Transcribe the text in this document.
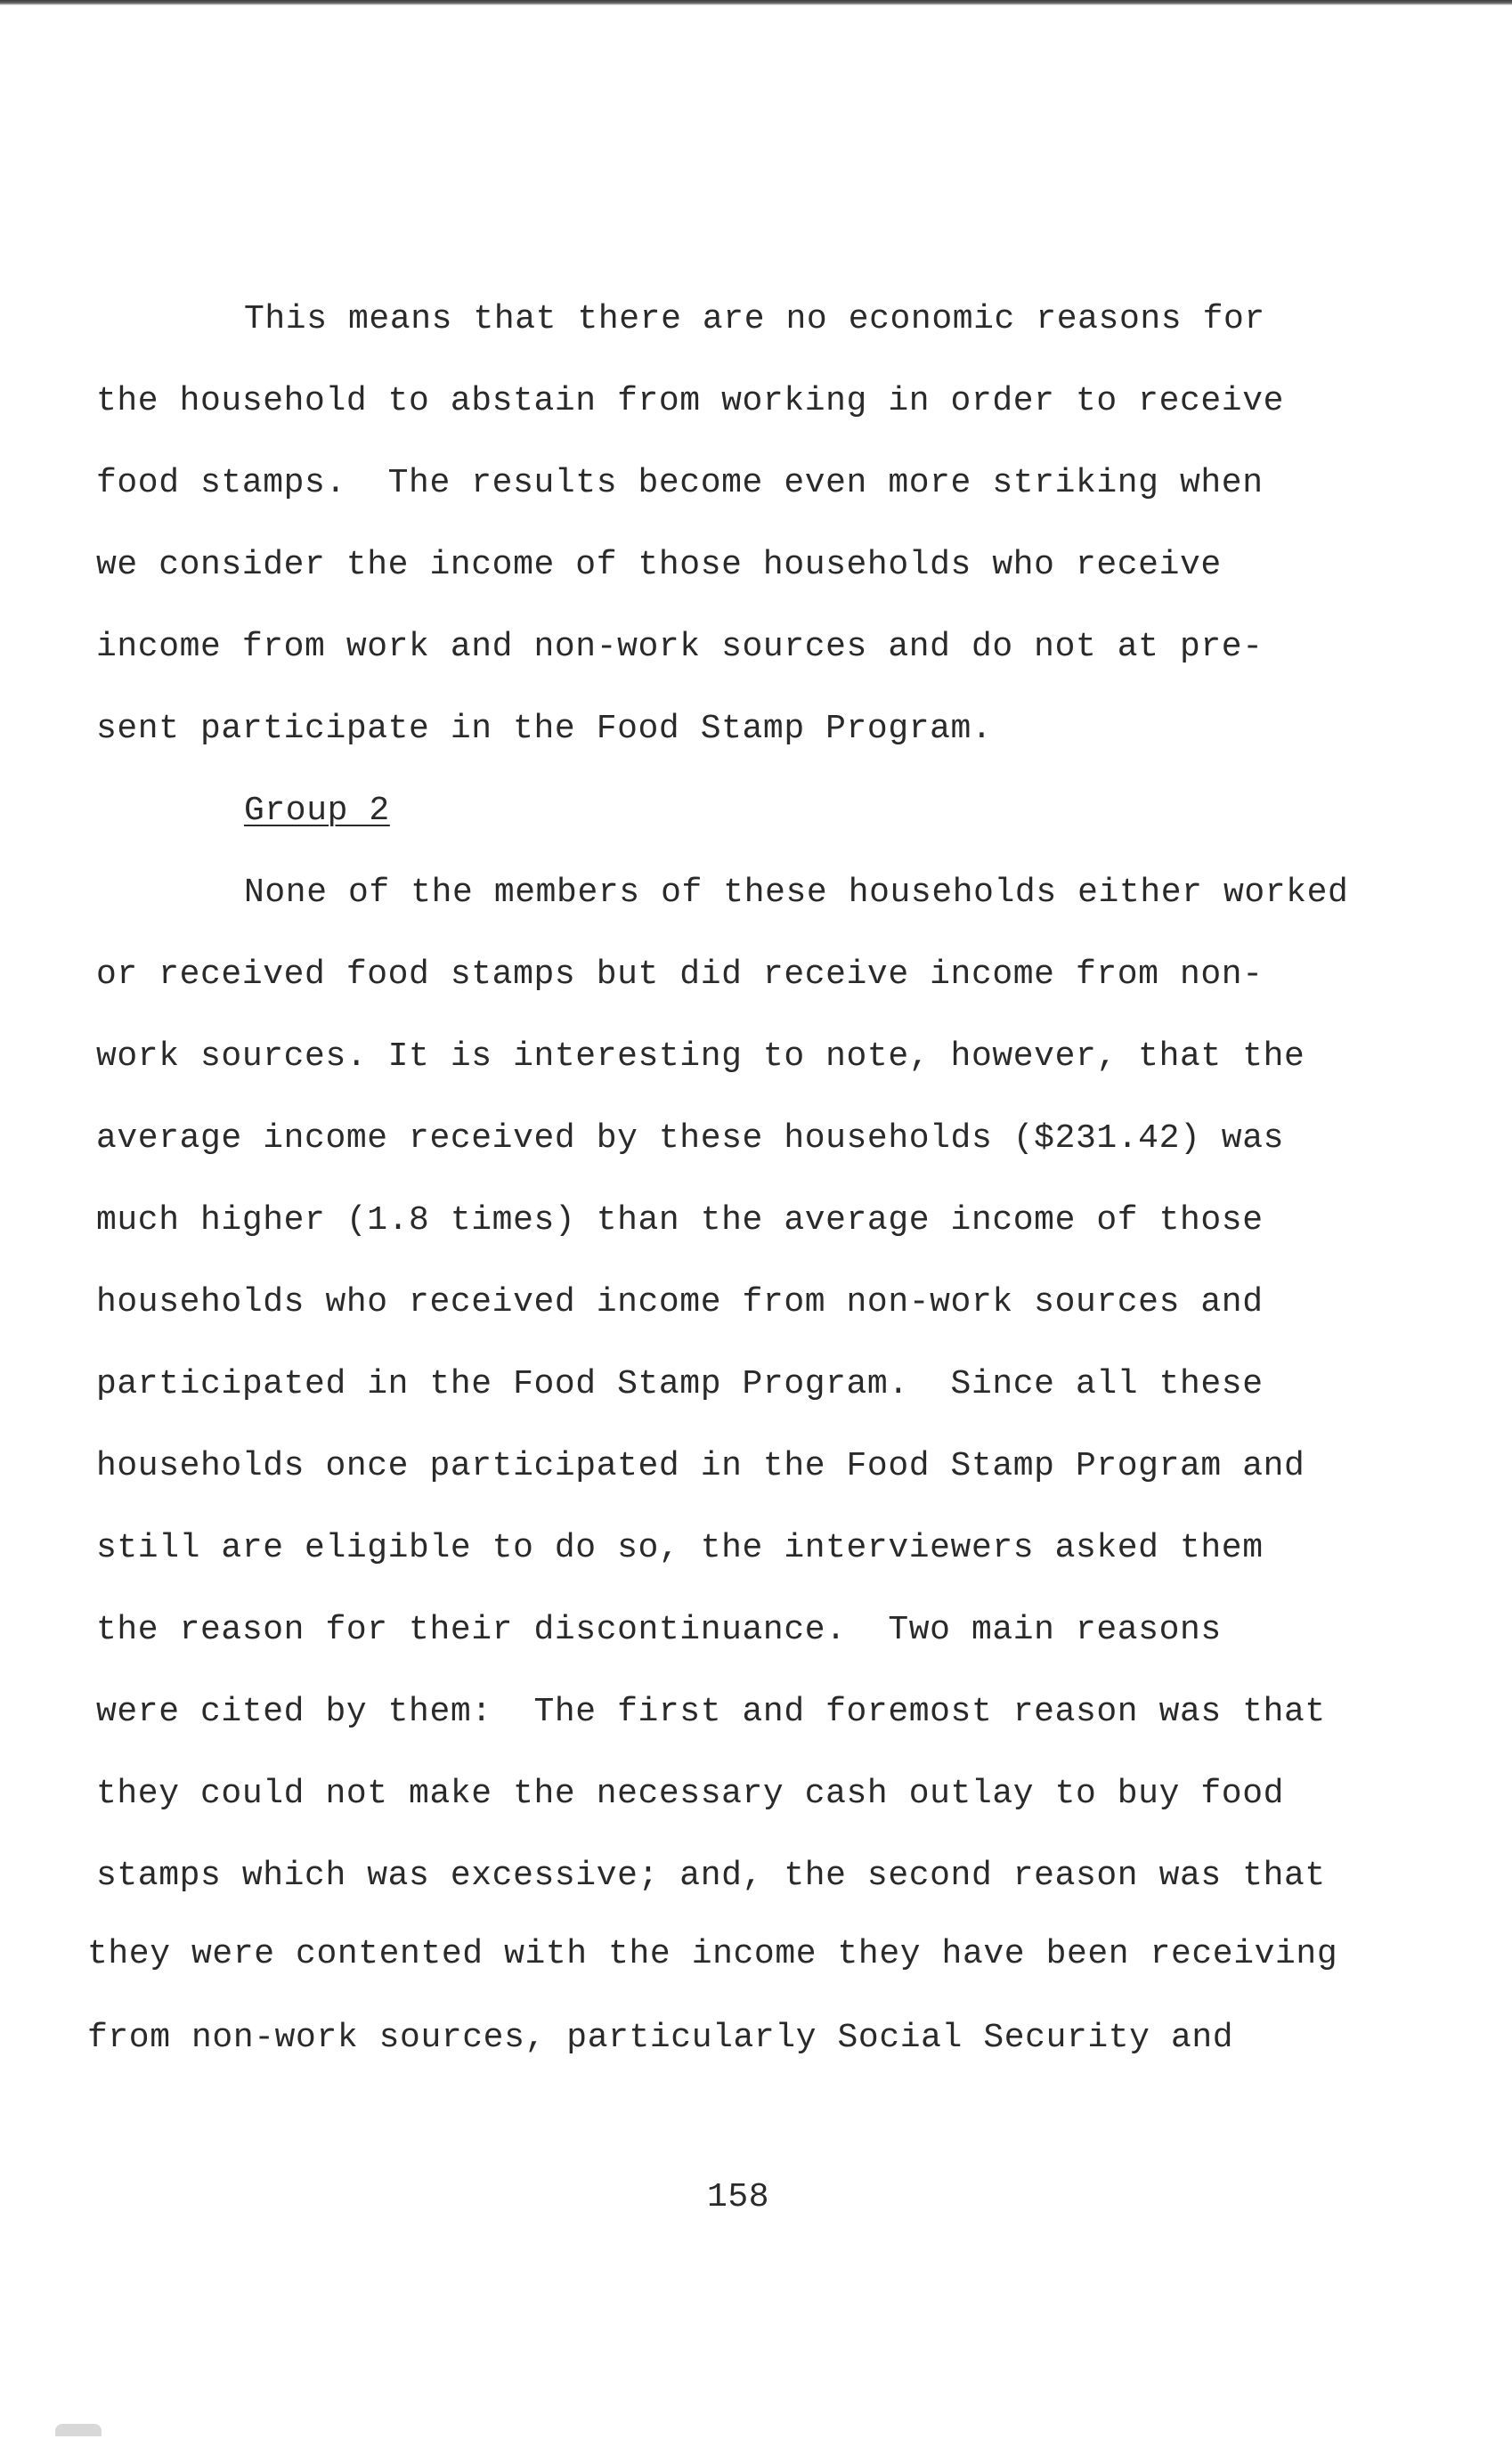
This means that there are no economic reasons for
the household to abstain from working in order to receive
food stamps.  The results become even more striking when
we consider the income of those households who receive
income from work and non-work sources and do not at pre-
sent participate in the Food Stamp Program.
Group 2
None of the members of these households either worked
or received food stamps but did receive income from non-
work sources. It is interesting to note, however, that the
average income received by these households ($231.42) was
much higher (1.8 times) than the average income of those
households who received income from non-work sources and
participated in the Food Stamp Program.  Since all these
households once participated in the Food Stamp Program and
still are eligible to do so, the interviewers asked them
the reason for their discontinuance.  Two main reasons
were cited by them:  The first and foremost reason was that
they could not make the necessary cash outlay to buy food
stamps which was excessive; and, the second reason was that
they were contented with the income they have been receiving
from non-work sources, particularly Social Security and
158
